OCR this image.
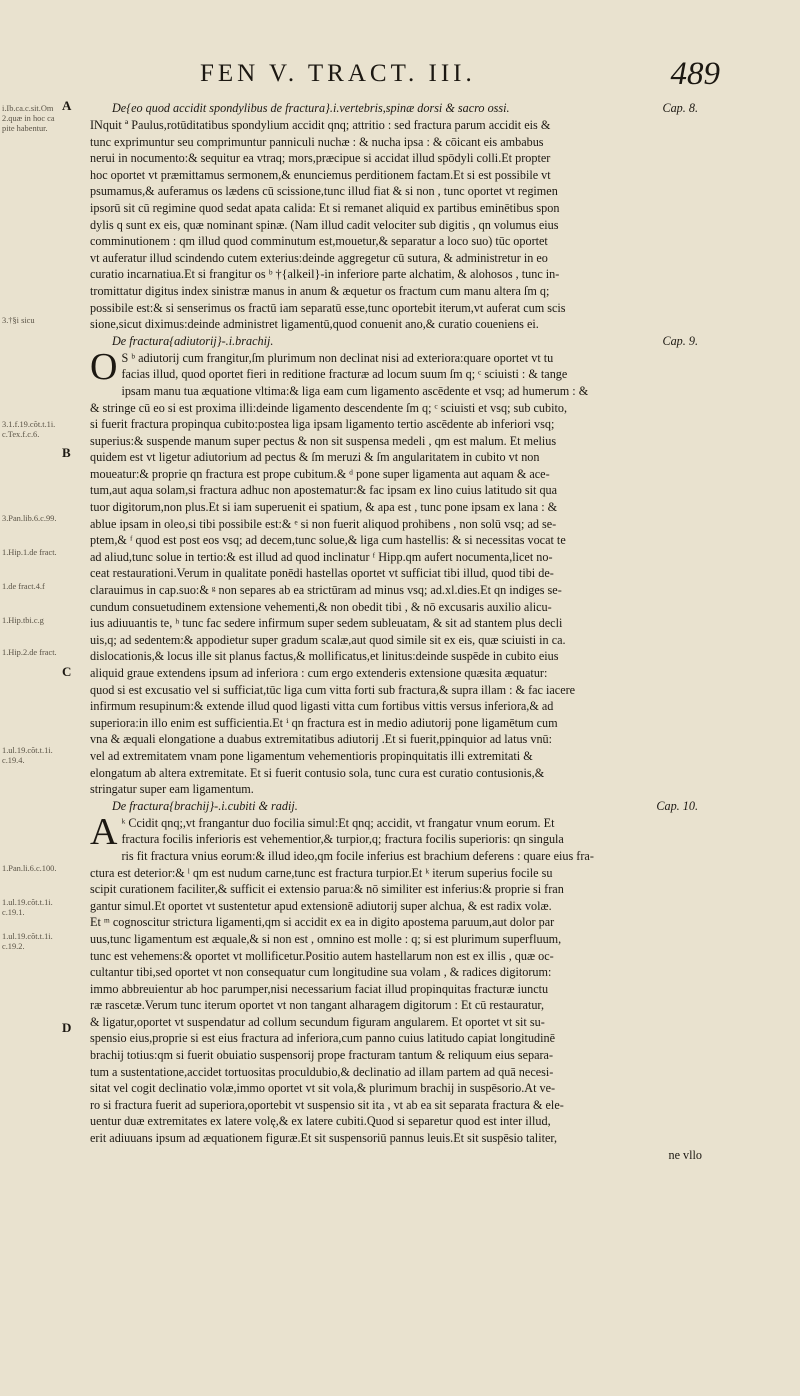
FEN V. TRACT. III.	489
i.Ib.ca.c.sit.Om 2.quæ in hoc ca pite habentur.
3.†§i sicu
3.1.f.19.cõt.t.1i. c.Tex.f.c.6.
3.Pan.lib.6.c.99.
1.Hip.1.de fract.
1.de fract.4.f
1.Hip.tbi.c.g
1.Hip.2.de fract.
1.ul.19.cõt.t.1i. c.19.4.
1.Pan.li.6.c.100.
1.ul.19.cõt.t.1i. c.19.1.
1.ul.19.cõt.t.1i. c.19.2.
A
B
C
D
De{eo quod accidit spondylibus de fractura}.i.vertebris,spinæ dorsi & sacro ossi.	Cap. 8.
INquit ª Paulus,rotūditatibus spondylium accidit qnq; attritio : sed fractura parum accidit eis &
tunc exprimuntur seu comprimuntur panniculi nuchæ : & nucha ipsa : & cōicant eis ambabus
nerui in nocumento:& sequitur ea vtraq; mors,præcipue si accidat illud spōdyli colli.Et propter
hoc oportet vt præmittamus sermonem,& enunciemus perditionem factam.Et si est possibile vt
psumamus,& auferamus os lædens cū scissione,tunc illud fiat & si non , tunc oportet vt regimen
ipsorū sit cū regimine quod sedat apata calida: Et si remanet aliquid ex partibus eminētibus spon
dylis q sunt ex eis, quæ nominant spinæ. (Nam illud cadit velociter sub digitis , qn volumus eius
comminutionem : qm illud quod comminutum est,mouetur,& separatur a loco suo) tūc oportet
vt auferatur illud scindendo cutem exterius:deinde aggregetur cū sutura, & administretur in eo
curatio incarnatiua.Et si frangitur os ᵇ †{alkeil}-in inferiore parte alchatim, & alohosos , tunc in-
tromittatur digitus index sinistræ manus in anum & æquetur os fractum cum manu altera ſm q;
possibile est:& si senserimus os fractū iam separatū esse,tunc oportebit iterum,vt auferat cum scis
sione,sicut diximus:deinde administret ligamentū,quod conuenit ano,& curatio coueniens ei.
De fractura{adiutorij}-.i.brachij.	Cap. 9.
O S ᵇ adiutorij cum frangitur,ſm plurimum non declinat nisi ad exteriora:quare oportet vt tu
facias illud, quod oportet fieri in reditione fracturæ ad locum suum ſm q; ᶜ sciuisti : & tange
ipsam manu tua æquatione vltima:& liga eam cum ligamento ascēdente et vsq; ad humerum : &
& stringe cū eo si est proxima illi:deinde ligamento descendente ſm q; ᶜ sciuisti et vsq; sub cubito,
si fuerit fractura propinqua cubito:postea liga ipsam ligamento tertio ascēdente ab inferiori vsq;
superius:& suspende manum super pectus & non sit suspensa medeli , qm est malum. Et melius
quidem est vt ligetur adiutorium ad pectus & ſm meruzi & ſm angularitatem in cubito vt non
moueatur:& proprie qn fractura est prope cubitum.& ᵈ pone super ligamenta aut aquam & ace-
tum,aut aqua solam,si fractura adhuc non apostematur:& fac ipsam ex lino cuius latitudo sit qua
tuor digitorum,non plus.Et si iam superuenit ei spatium, & apa est , tunc pone ipsam ex lana : &
ablue ipsam in oleo,si tibi possibile est:& ᵉ si non fuerit aliquod prohibens , non solū vsq; ad se-
ptem,& ᶠ quod est post eos vsq; ad decem,tunc solue,& liga cum hastellis: & si necessitas vocat te
ad aliud,tunc solue in tertio:& est illud ad quod inclinatur ᶠ Hipp.qm aufert nocumenta,licet no-
ceat restaurationi.Verum in qualitate ponēdi hastellas oportet vt sufficiat tibi illud, quod tibi de-
clarauimus in cap.suo:& ᵍ non separes ab ea strictūram ad minus vsq; ad.xl.dies.Et qn indiges se-
cundum consuetudinem extensione vehementi,& non obedit tibi , & nō excusaris auxilio alicu-
ius adiuuantis te, ʰ tunc fac sedere infirmum super sedem subleuatam, & sit ad stantem plus decli
uis,q; ad sedentem:& appodietur super gradum scalæ,aut quod simile sit ex eis, quæ sciuisti in ca.
dislocationis,& locus ille sit planus factus,& mollificatus,et linitus:deinde suspēde in cubito eius
aliquid graue extendens ipsum ad inferiora : cum ergo extenderis extensione quæsita æquatur:
quod si est excusatio vel si sufficiat,tūc liga cum vitta forti sub fractura,& supra illam : & fac iacere
infirmum resupinum:& extende illud quod ligasti vitta cum fortibus vittis versus inferiora,& ad
superiora:in illo enim est sufficientia.Et ⁱ qn fractura est in medio adiutorij pone ligamētum cum
vna & æquali elongatione a duabus extremitatibus adiutorij .Et si fuerit,ppinquior ad latus vnū:
vel ad extremitatem vnam pone ligamentum vehementioris propinquitatis illi extremitati &
elongatum ab altera extremitate. Et si fuerit contusio sola, tunc cura est curatio contusionis,&
stringatur super eam ligamentum.
De fractura{brachij}-.i.cubiti & radij.	Cap. 10.
A ᵏ Ccidit qnq;,vt frangantur duo focilia simul:Et qnq; accidit, vt frangatur vnum eorum. Et
fractura focilis inferioris est vehementior,& turpior,q; fractura focilis superioris: qn singula
ris fit fractura vnius eorum:& illud ideo,qm focile inferius est brachium deferens : quare eius fra-
ctura est deterior:& ˡ qm est nudum carne,tunc est fractura turpior.Et ᵏ iterum superius focile su
scipit curationem faciliter,& sufficit ei extensio parua:& nō similiter est inferius:& proprie si fran
gantur simul.Et oportet vt sustentetur apud extensionē adiutorij super alchua, & est radix volæ.
Et ᵐ cognoscitur strictura ligamenti,qm si accidit ex ea in digito apostema paruum,aut dolor par
uus,tunc ligamentum est æquale,& si non est , omnino est molle : q; si est plurimum superfluum,
tunc est vehemens:& oportet vt mollificetur.Positio autem hastellarum non est ex illis , quæ oc-
cultantur tibi,sed oportet vt non consequatur cum longitudine sua volam , & radices digitorum:
immo abbreuientur ab hoc parumper,nisi necessarium faciat illud propinquitas fracturæ iunctu
ræ rascetæ.Verum tunc iterum oportet vt non tangant alharagem digitorum : Et cū restauratur,
& ligatur,oportet vt suspendatur ad collum secundum figuram angularem. Et oportet vt sit su-
spensio eius,proprie si est eius fractura ad inferiora,cum panno cuius latitudo capiat longitudinē
brachij totius:qm si fuerit obuiatio suspensorij prope fracturam tantum & reliquum eius separa-
tum a sustentatione,accidet tortuositas proculdubio,& declinatio ad illam partem ad quā necesi-
sitat vel cogit declinatio volæ,immo oportet vt sit vola,& plurimum brachij in suspēsorio.At ve-
ro si fractura fuerit ad superiora,oportebit vt suspensio sit ita , vt ab ea sit separata fractura & ele-
uentur duæ extremitates ex latere volę,& ex latere cubiti.Quod si separetur quod est inter illud,
erit adiuuans ipsum ad æquationem figuræ.Et sit suspensoriū pannus leuis.Et sit suspēsio taliter,
ne vllo
